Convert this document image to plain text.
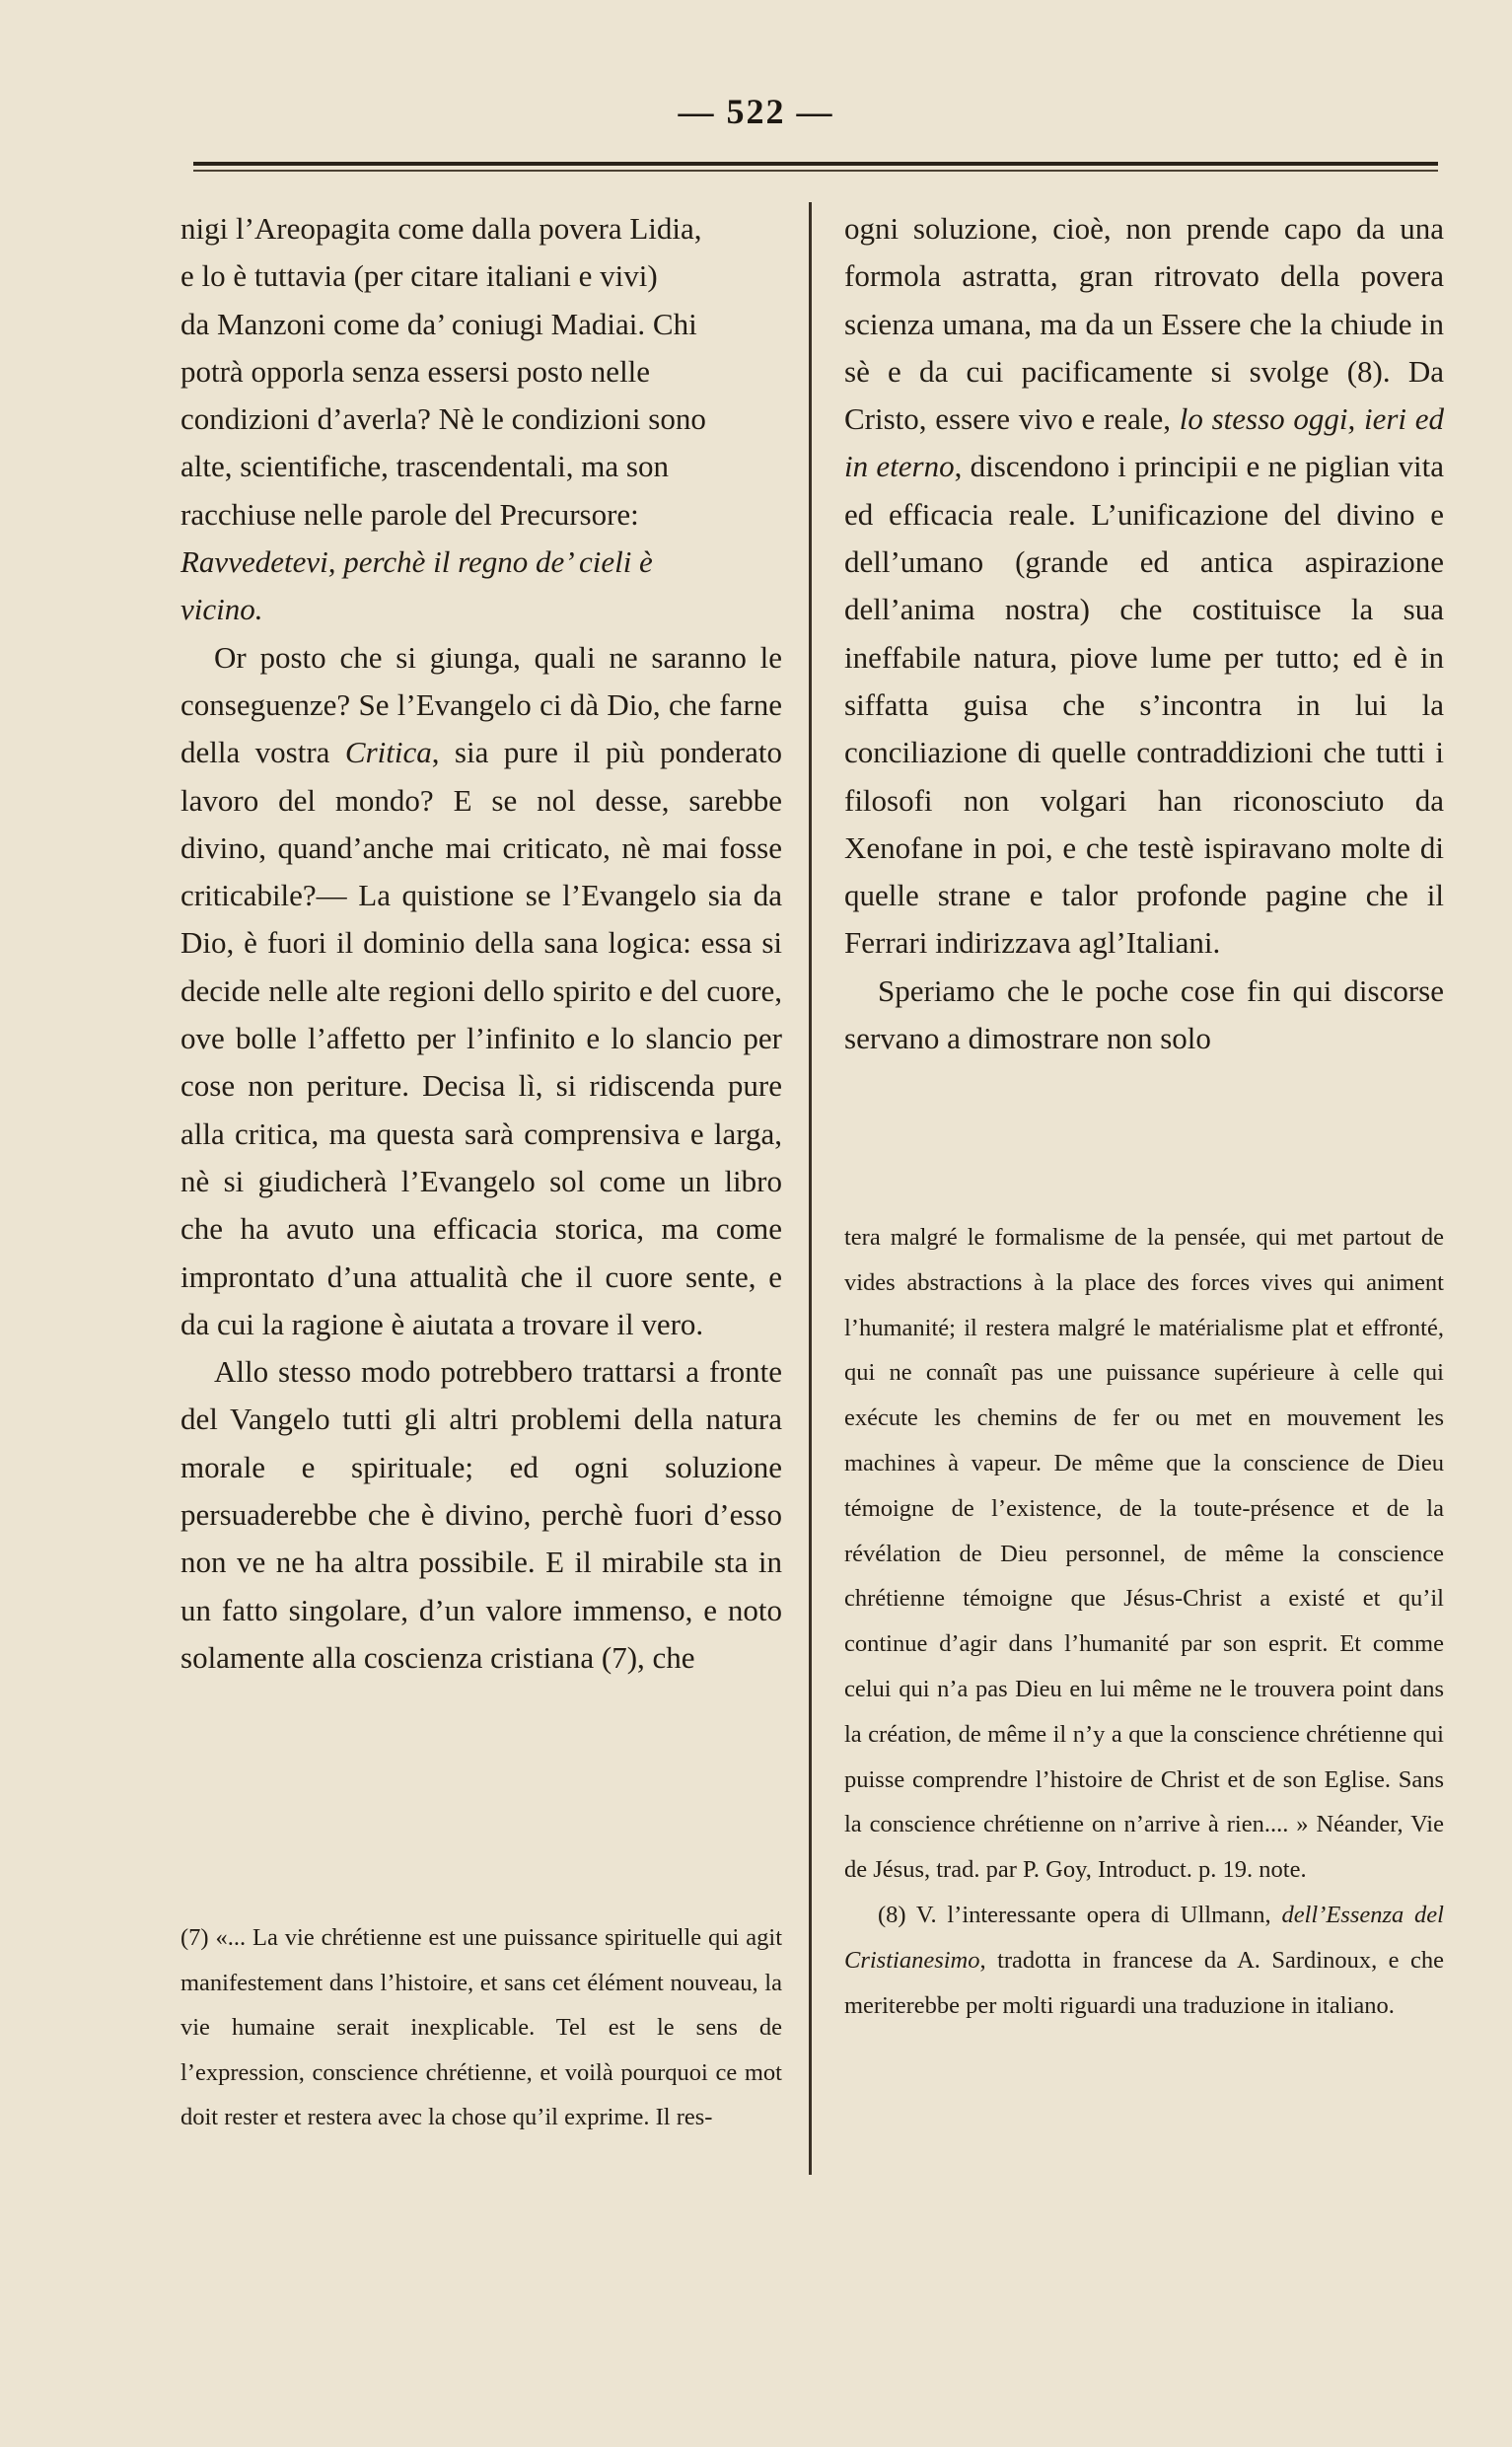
— 522 —
nigi l’Areopagita come dalla povera Lidia,
e lo è tuttavia (per citare italiani e vivi)
da Manzoni come da’ coniugi Madiai. Chi
potrà opporla senza essersi posto nelle
condizioni d’averla? Nè le condizioni sono
alte, scientifiche, trascendentali, ma son
racchiuse nelle parole del Precursore:
Ravvedetevi, perchè il regno de’ cieli è
vicino.

Or posto che si giunga, quali ne saranno le conseguenze? Se l’Evangelo ci dà Dio, che farne della vostra Critica, sia pure il più ponderato lavoro del mondo? E se nol desse, sarebbe divino, quand’anche mai criticato, nè mai fosse criticabile?— La quistione se l’Evangelo sia da Dio, è fuori il dominio della sana logica: essa si decide nelle alte regioni dello spirito e del cuore, ove bolle l’affetto per l’infinito e lo slancio per cose non periture. Decisa lì, si ridiscenda pure alla critica, ma questa sarà comprensiva e larga, nè si giudicherà l’Evangelo sol come un libro che ha avuto una efficacia storica, ma come improntato d’una attualità che il cuore sente, e da cui la ragione è aiutata a trovare il vero.

Allo stesso modo potrebbero trattarsi a fronte del Vangelo tutti gli altri problemi della natura morale e spirituale; ed ogni soluzione persuaderebbe che è divino, perchè fuori d’esso non ve ne ha altra possibile. E il mirabile sta in un fatto singolare, d’un valore immenso, e noto solamente alla coscienza cristiana (7), che

(7) «... La vie chrétienne est une puissance spirituelle qui agit manifestement dans l’histoire, et sans cet élément nouveau, la vie humaine serait inexplicable. Tel est le sens de l’expression, conscience chrétienne, et voilà pourquoi ce mot doit rester et restera avec la chose qu’il exprime. Il res-

ogni soluzione, cioè, non prende capo da una formola astratta, gran ritrovato della povera scienza umana, ma da un Essere che la chiude in sè e da cui pacificamente si svolge (8). Da Cristo, essere vivo e reale, lo stesso oggi, ieri ed in eterno, discendono i principii e ne piglian vita ed efficacia reale. L’unificazione del divino e dell’umano (grande ed antica aspirazione dell’anima nostra) che costituisce la sua ineffabile natura, piove lume per tutto; ed è in siffatta guisa che s’incontra in lui la conciliazione di quelle contraddizioni che tutti i filosofi non volgari han riconosciuto da Xenofane in poi, e che testè ispiravano molte di quelle strane e talor profonde pagine che il Ferrari indirizzava agl’Italiani.

Speriamo che le poche cose fin qui discorse servano a dimostrare non solo

tera malgré le formalisme de la pensée, qui met partout de vides abstractions à la place des forces vives qui animent l’humanité; il restera malgré le matérialisme plat et effronté, qui ne connaît pas une puissance supérieure à celle qui exécute les chemins de fer ou met en mouvement les machines à vapeur. De même que la conscience de Dieu témoigne de l’existence, de la toute-présence et de la révélation de Dieu personnel, de même la conscience chrétienne témoigne que Jésus-Christ a existé et qu’il continue d’agir dans l’humanité par son esprit. Et comme celui qui n’a pas Dieu en lui même ne le trouvera point dans la création, de même il n’y a que la conscience chrétienne qui puisse comprendre l’histoire de Christ et de son Eglise. Sans la conscience chrétienne on n’arrive à rien.... » Néander, Vie de Jésus, trad. par P. Goy, Introduct. p. 19. note.

(8) V. l’interessante opera di Ullmann, dell’Essenza del Cristianesimo, tradotta in francese da A. Sardinoux, e che meriterebbe per molti riguardi una traduzione in italiano.
